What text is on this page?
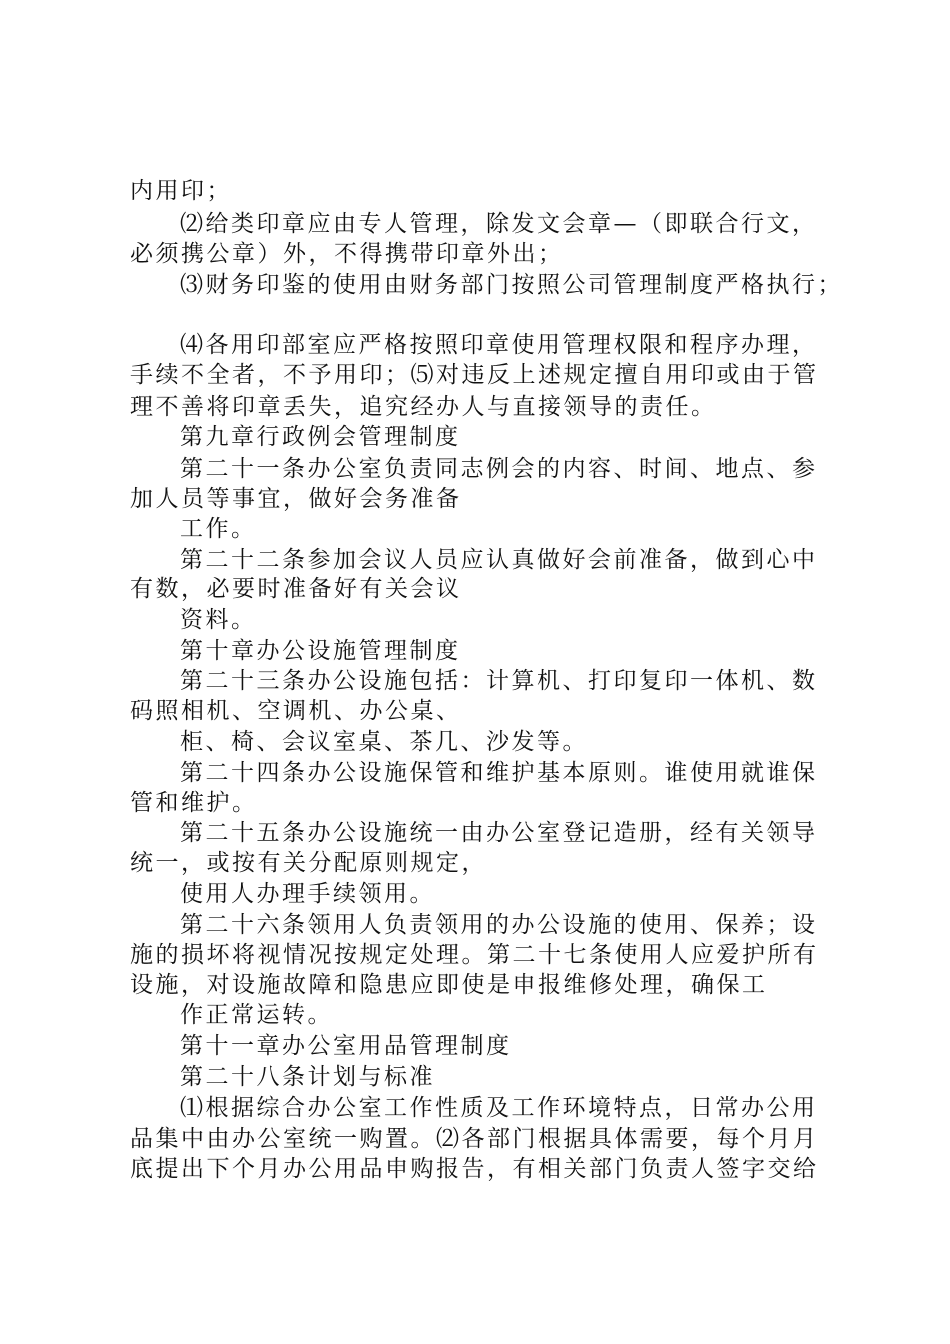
内用印；
⑵给类印章应由专人管理，除发文会章—（即联合行文，
必须携公章）外，不得携带印章外出；
⑶财务印鉴的使用由财务部门按照公司管理制度严格执行；
⑷各用印部室应严格按照印章使用管理权限和程序办理，
手续不全者，不予用印；⑸对违反上述规定擅自用印或由于管
理不善将印章丢失，追究经办人与直接领导的责任。
第九章行政例会管理制度
第二十一条办公室负责同志例会的内容、时间、地点、参
加人员等事宜，做好会务准备
工作。
第二十二条参加会议人员应认真做好会前准备，做到心中
有数，必要时准备好有关会议
资料。
第十章办公设施管理制度
第二十三条办公设施包括：计算机、打印复印一体机、数
码照相机、空调机、办公桌、
柜、椅、会议室桌、茶几、沙发等。
第二十四条办公设施保管和维护基本原则。谁使用就谁保
管和维护。
第二十五条办公设施统一由办公室登记造册，经有关领导
统一，或按有关分配原则规定，
使用人办理手续领用。
第二十六条领用人负责领用的办公设施的使用、保养；设
施的损坏将视情况按规定处理。第二十七条使用人应爱护所有
设施，对设施故障和隐患应即使是申报维修处理，确保工
作正常运转。
第十一章办公室用品管理制度
第二十八条计划与标准
⑴根据综合办公室工作性质及工作环境特点，日常办公用
品集中由办公室统一购置。⑵各部门根据具体需要，每个月月
底提出下个月办公用品申购报告，有相关部门负责人签字交给
